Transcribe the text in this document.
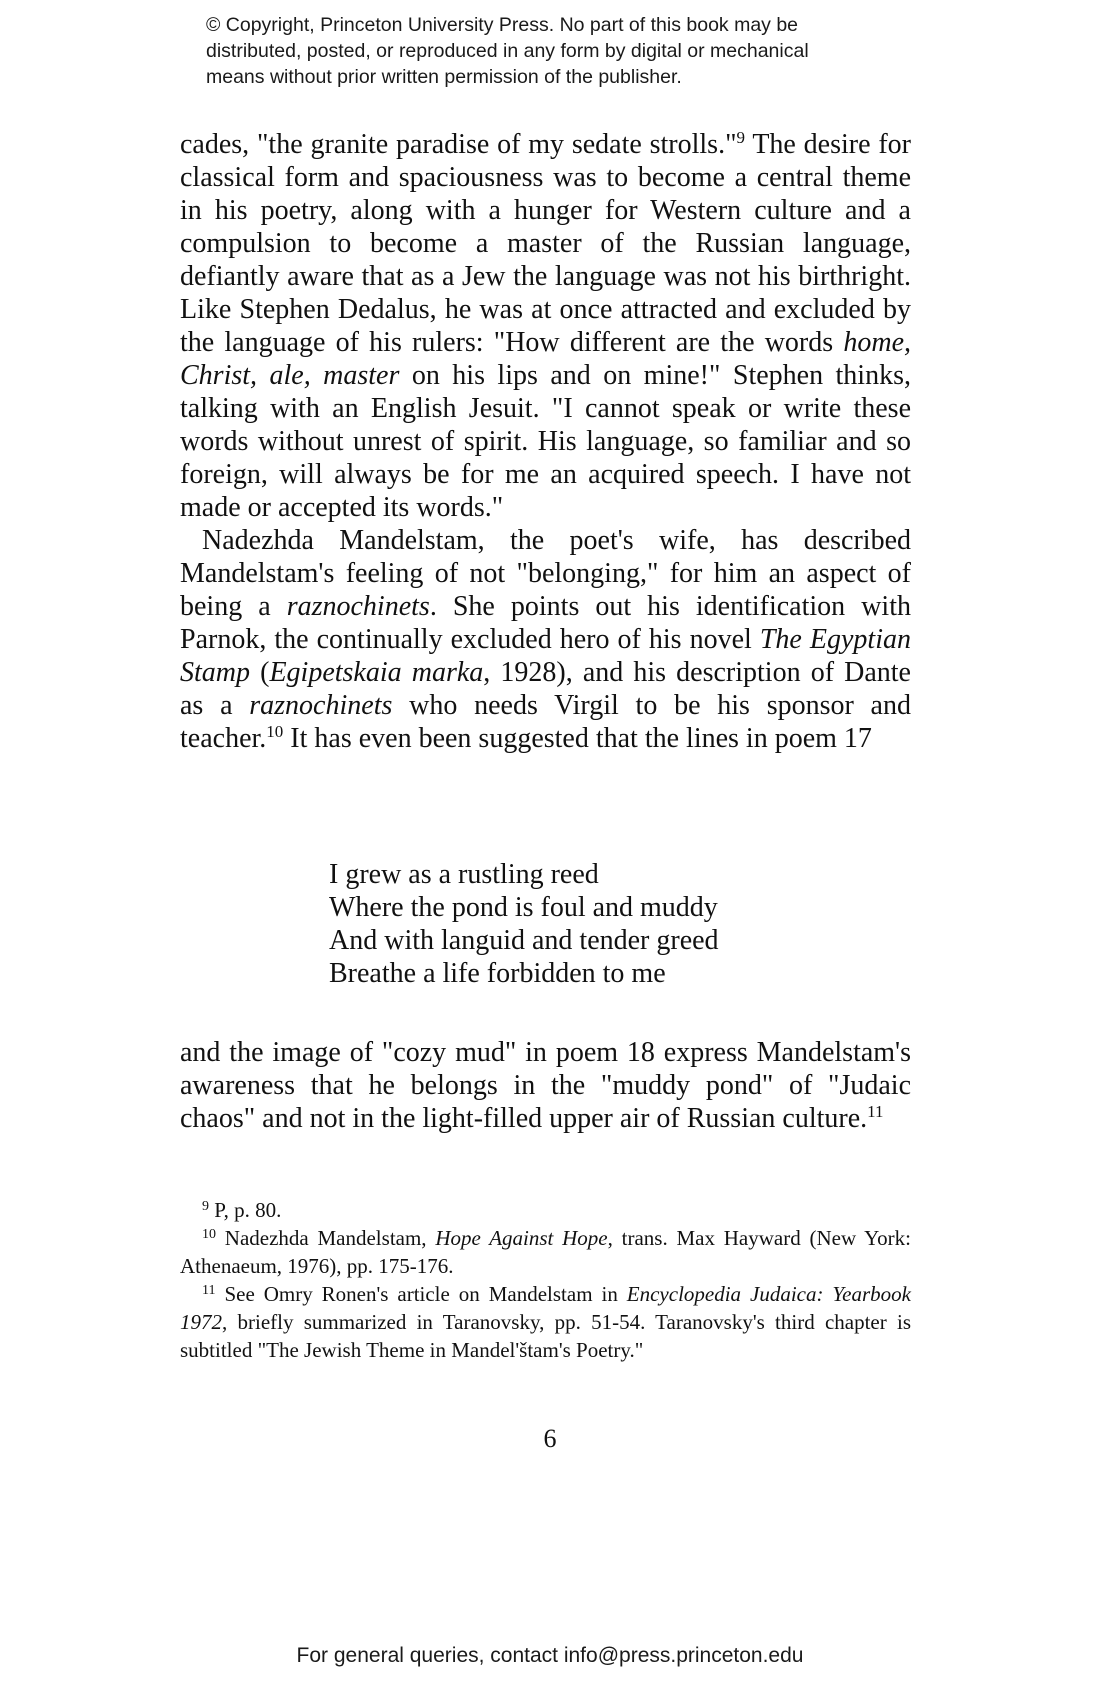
© Copyright, Princeton University Press. No part of this book may be
distributed, posted, or reproduced in any form by digital or mechanical
means without prior written permission of the publisher.

cades, "the granite paradise of my sedate strolls."$^9$ The desire for classical form and spaciousness was to become a central theme in his poetry, along with a hunger for Western culture and a compulsion to become a master of the Russian language, defiantly aware that as a Jew the language was not his birthright. Like Stephen Dedalus, he was at once attracted and excluded by the language of his rulers: "How different are the words home, Christ, ale, master on his lips and on mine!" Stephen thinks, talking with an English Jesuit. "I cannot speak or write these words without unrest of spirit. His language, so familiar and so foreign, will always be for me an acquired speech. I have not made or accepted its words."

Nadezhda Mandelstam, the poet's wife, has described Mandelstam's feeling of not "belonging," for him an aspect of being a raznochinets. She points out his identification with Parnok, the continually excluded hero of his novel The Egyptian Stamp (Egipetskaia marka, 1928), and his description of Dante as a raznochinets who needs Virgil to be his sponsor and teacher.$^{10}$ It has even been suggested that the lines in poem 17

I grew as a rustling reed
Where the pond is foul and muddy
And with languid and tender greed
Breathe a life forbidden to me

and the image of "cozy mud" in poem 18 express Mandelstam's awareness that he belongs in the "muddy pond" of "Judaic chaos" and not in the light-filled upper air of Russian culture.$^{11}$

$^9$ P, p. 80.

$^{10}$ Nadezhda Mandelstam, Hope Against Hope, trans. Max Hayward (New York: Athenaeum, 1976), pp. 175-176.

$^{11}$ See Omry Ronen's article on Mandelstam in Encyclopedia Judaica: Yearbook 1972, briefly summarized in Taranovsky, pp. 51-54. Taranovsky's third chapter is subtitled "The Jewish Theme in Mandel'štam's Poetry."

6
For general queries, contact info@press.princeton.edu
